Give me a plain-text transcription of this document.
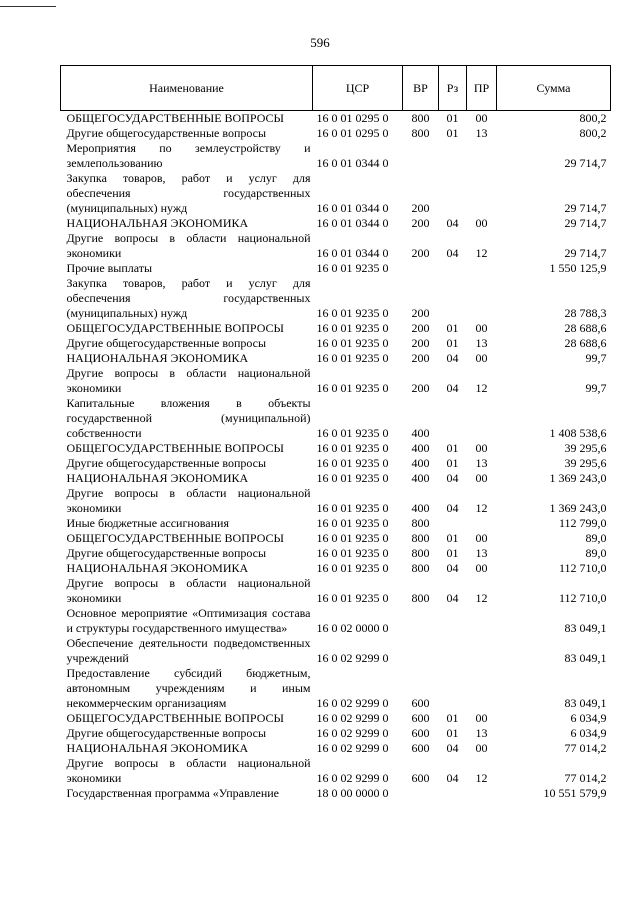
596
Наименование	ЦСР	ВР	Рз	ПР	Сумма
ОБЩЕГОСУДАРСТВЕННЫЕ ВОПРОСЫ	16 0 01 0295 0	800	01	00	800,2
Другие общегосударственные вопросы	16 0 01 0295 0	800	01	13	800,2
Мероприятия по землеустройству и землепользованию	16 0 01 0344 0				29 714,7
Закупка товаров, работ и услуг для обеспечения государственных (муниципальных) нужд	16 0 01 0344 0	200			29 714,7
НАЦИОНАЛЬНАЯ ЭКОНОМИКА	16 0 01 0344 0	200	04	00	29 714,7
Другие вопросы в области национальной экономики	16 0 01 0344 0	200	04	12	29 714,7
Прочие выплаты	16 0 01 9235 0				1 550 125,9
Закупка товаров, работ и услуг для обеспечения государственных (муниципальных) нужд	16 0 01 9235 0	200			28 788,3
ОБЩЕГОСУДАРСТВЕННЫЕ ВОПРОСЫ	16 0 01 9235 0	200	01	00	28 688,6
Другие общегосударственные вопросы	16 0 01 9235 0	200	01	13	28 688,6
НАЦИОНАЛЬНАЯ ЭКОНОМИКА	16 0 01 9235 0	200	04	00	99,7
Другие вопросы в области национальной экономики	16 0 01 9235 0	200	04	12	99,7
Капитальные вложения в объекты государственной (муниципальной) собственности	16 0 01 9235 0	400			1 408 538,6
ОБЩЕГОСУДАРСТВЕННЫЕ ВОПРОСЫ	16 0 01 9235 0	400	01	00	39 295,6
Другие общегосударственные вопросы	16 0 01 9235 0	400	01	13	39 295,6
НАЦИОНАЛЬНАЯ ЭКОНОМИКА	16 0 01 9235 0	400	04	00	1 369 243,0
Другие вопросы в области национальной экономики	16 0 01 9235 0	400	04	12	1 369 243,0
Иные бюджетные ассигнования	16 0 01 9235 0	800			112 799,0
ОБЩЕГОСУДАРСТВЕННЫЕ ВОПРОСЫ	16 0 01 9235 0	800	01	00	89,0
Другие общегосударственные вопросы	16 0 01 9235 0	800	01	13	89,0
НАЦИОНАЛЬНАЯ ЭКОНОМИКА	16 0 01 9235 0	800	04	00	112 710,0
Другие вопросы в области национальной экономики	16 0 01 9235 0	800	04	12	112 710,0
Основное мероприятие «Оптимизация состава и структуры государственного имущества»	16 0 02 0000 0				83 049,1
Обеспечение деятельности подведомственных учреждений	16 0 02 9299 0				83 049,1
Предоставление субсидий бюджетным, автономным учреждениям и иным некоммерческим организациям	16 0 02 9299 0	600			83 049,1
ОБЩЕГОСУДАРСТВЕННЫЕ ВОПРОСЫ	16 0 02 9299 0	600	01	00	6 034,9
Другие общегосударственные вопросы	16 0 02 9299 0	600	01	13	6 034,9
НАЦИОНАЛЬНАЯ ЭКОНОМИКА	16 0 02 9299 0	600	04	00	77 014,2
Другие вопросы в области национальной экономики	16 0 02 9299 0	600	04	12	77 014,2
Государственная программа «Управление	18 0 00 0000 0				10 551 579,9
